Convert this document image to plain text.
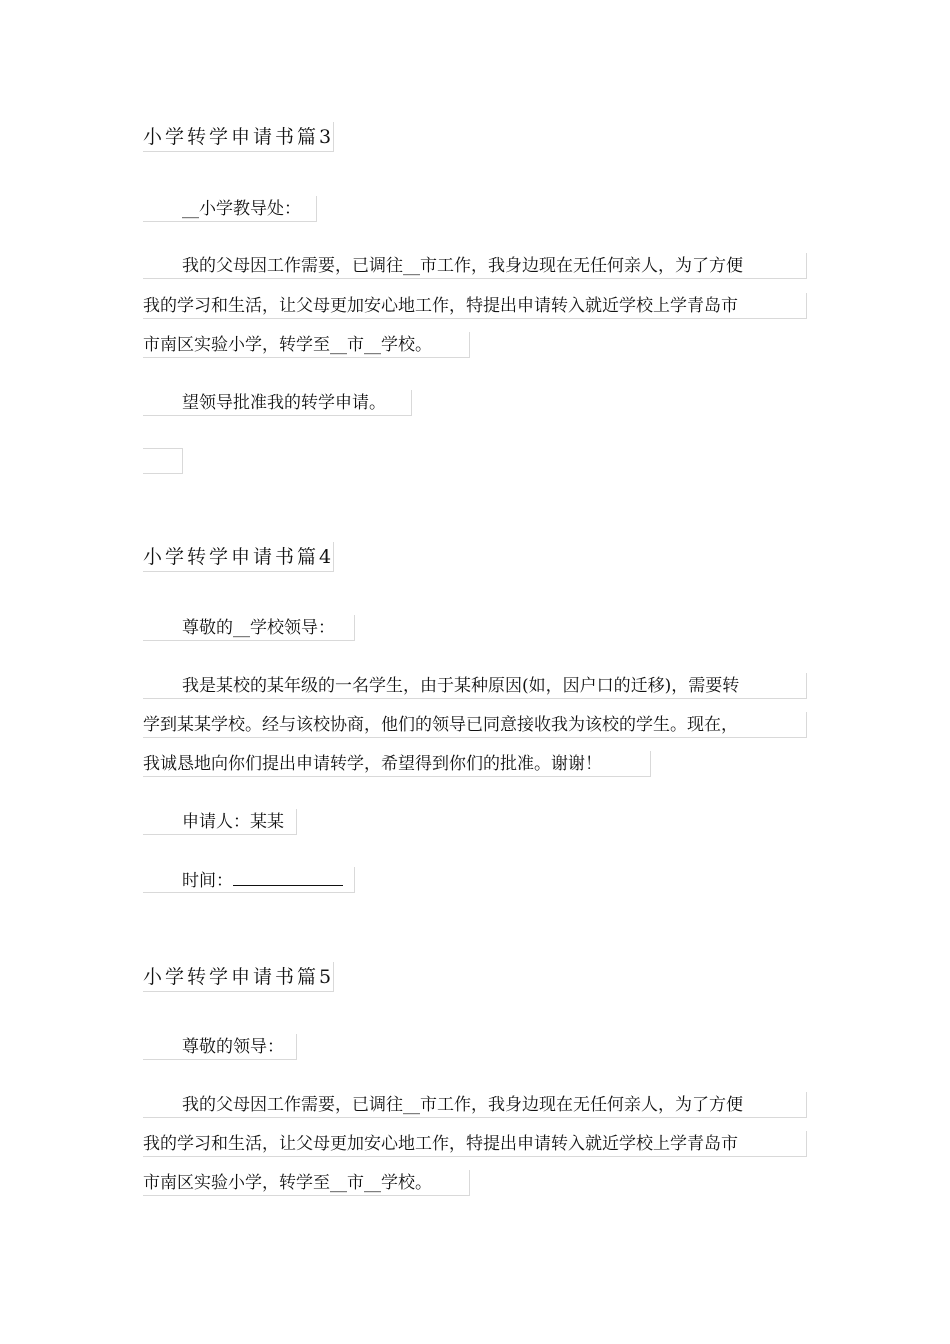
小学转学申请书篇3
__小学教导处：
我的父母因工作需要，已调往__市工作，我身边现在无任何亲人，为了方便
我的学习和生活，让父母更加安心地工作，特提出申请转入就近学校上学青岛市
市南区实验小学，转学至__市__学校。
望领导批准我的转学申请。
小学转学申请书篇4
尊敬的__学校领导：
我是某校的某年级的一名学生，由于某种原因(如，因户口的迁移)，需要转
学到某某学校。经与该校协商，他们的领导已同意接收我为该校的学生。现在，
我诚恳地向你们提出申请转学，希望得到你们的批准。谢谢！
申请人：某某
时间：
小学转学申请书篇5
尊敬的领导：
我的父母因工作需要，已调往__市工作，我身边现在无任何亲人，为了方便
我的学习和生活，让父母更加安心地工作，特提出申请转入就近学校上学青岛市
市南区实验小学，转学至__市__学校。
